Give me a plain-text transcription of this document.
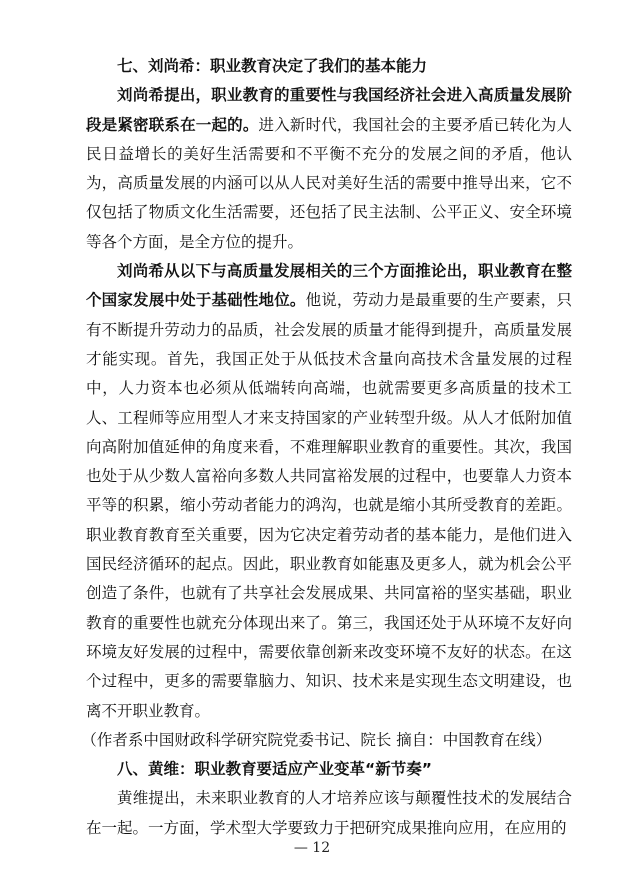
七、刘尚希：职业教育决定了我们的基本能力

刘尚希提出，职业教育的重要性与我国经济社会进入高质量发展阶段是紧密联系在一起的。进入新时代，我国社会的主要矛盾已转化为人民日益增长的美好生活需要和不平衡不充分的发展之间的矛盾，他认为，高质量发展的内涵可以从人民对美好生活的需要中推导出来，它不仅包括了物质文化生活需要，还包括了民主法制、公平正义、安全环境等各个方面，是全方位的提升。

刘尚希从以下与高质量发展相关的三个方面推论出，职业教育在整个国家发展中处于基础性地位。他说，劳动力是最重要的生产要素，只有不断提升劳动力的品质，社会发展的质量才能得到提升，高质量发展才能实现。首先，我国正处于从低技术含量向高技术含量发展的过程中，人力资本也必须从低端转向高端，也就需要更多高质量的技术工人、工程师等应用型人才来支持国家的产业转型升级。从人才低附加值向高附加值延伸的角度来看，不难理解职业教育的重要性。其次，我国也处于从少数人富裕向多数人共同富裕发展的过程中，也要靠人力资本平等的积累，缩小劳动者能力的鸿沟，也就是缩小其所受教育的差距。职业教育教育至关重要，因为它决定着劳动者的基本能力，是他们进入国民经济循环的起点。因此，职业教育如能惠及更多人，就为机会公平创造了条件，也就有了共享社会发展成果、共同富裕的坚实基础，职业教育的重要性也就充分体现出来了。第三，我国还处于从环境不友好向环境友好发展的过程中，需要依靠创新来改变环境不友好的状态。在这个过程中，更多的需要靠脑力、知识、技术来是实现生态文明建设，也离不开职业教育。

（作者系中国财政科学研究院党委书记、院长 摘自：中国教育在线）

八、黄维：职业教育要适应产业变革“新节奏”

黄维提出，未来职业教育的人才培养应该与颠覆性技术的发展结合在一起。一方面，学术型大学要致力于把研究成果推向应用，在应用的

— 12
